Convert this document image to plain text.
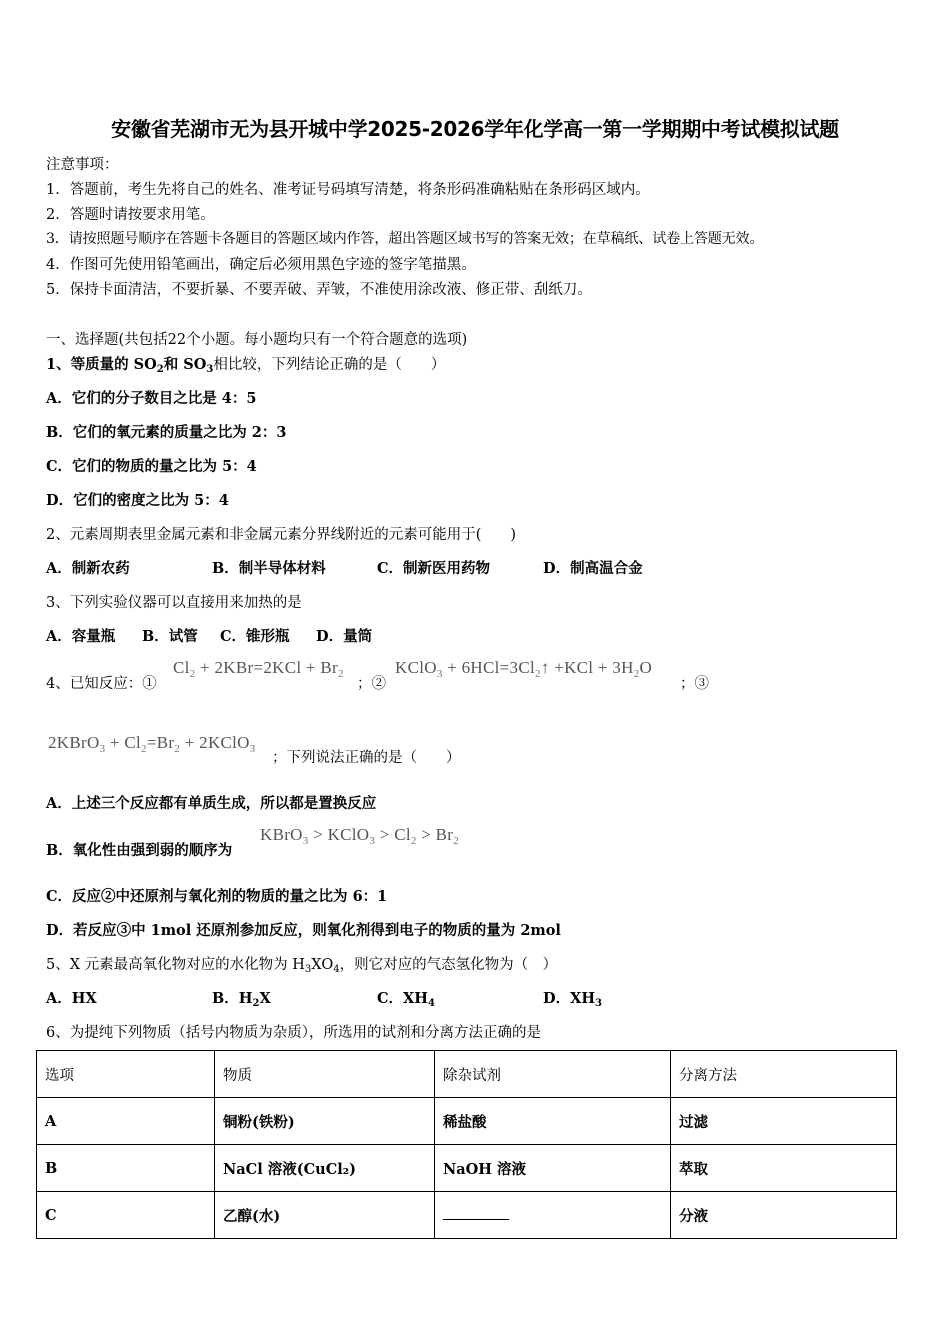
安徽省芜湖市无为县开城中学2025-2026学年化学高一第一学期期中考试模拟试题
注意事项：
1．答题前，考生先将自己的姓名、准考证号码填写清楚，将条形码准确粘贴在条形码区域内。
2．答题时请按要求用笔。
3．请按照题号顺序在答题卡各题目的答题区域内作答，超出答题区域书写的答案无效；在草稿纸、试卷上答题无效。
4．作图可先使用铅笔画出，确定后必须用黑色字迹的签字笔描黑。
5．保持卡面清洁，不要折暴、不要弄破、弄皱，不准使用涂改液、修正带、刮纸刀。
一、选择题(共包括22个小题。每小题均只有一个符合题意的选项)
1、等质量的 $SO_2$和 $SO_3$相比较，下列结论正确的是（　　）
A．它们的分子数目之比是 4：5
B．它们的氧元素的质量之比为 2：3
C．它们的物质的量之比为 5：4
D．它们的密度之比为 5：4
2、元素周期表里金属元素和非金属元素分界线附近的元素可能用于(　　)
A．制新农药	B．制半导体材料	C．制新医用药物	D．制高温合金
3、下列实验仪器可以直接用来加热的是
A．容量瓶 B．试管 C．锥形瓶 D．量筒
4、已知反应：①
$Cl_2 + 2KBr=2KCl + Br_2$
；②
KClO$_3$ + $6HCl=3Cl_2↑ +KCl + 3H_2O$
；③
2KBrO$_3$ + $Cl_2=Br_2$ + 2KClO$_3$
；下列说法正确的是（　　）
A．上述三个反应都有单质生成，所以都是置换反应
B．氧化性由强到弱的顺序为
KBrO$_3$ > KClO$_3$ > $Cl_2 > Br_2$
C．反应②中还原剂与氧化剂的物质的量之比为 6：1
D．若反应③中 1mol 还原剂参加反应，则氧化剂得到电子的物质的量为 2mol
5、X 元素最高氧化物对应的水化物为 $H_3XO_4$，则它对应的气态氢化物为（　）
A．HX	B．$H_2X$	C．$XH_4$	D．$XH_3$
6、为提纯下列物质（括号内物质为杂质），所选用的试剂和分离方法正确的是
选项	物质	除杂试剂	分离方法
A	铜粉(铁粉)	稀盐酸	过滤
B	NaCl 溶液(CuCl₂)	NaOH 溶液	萃取
C	乙醇(水)		分液
